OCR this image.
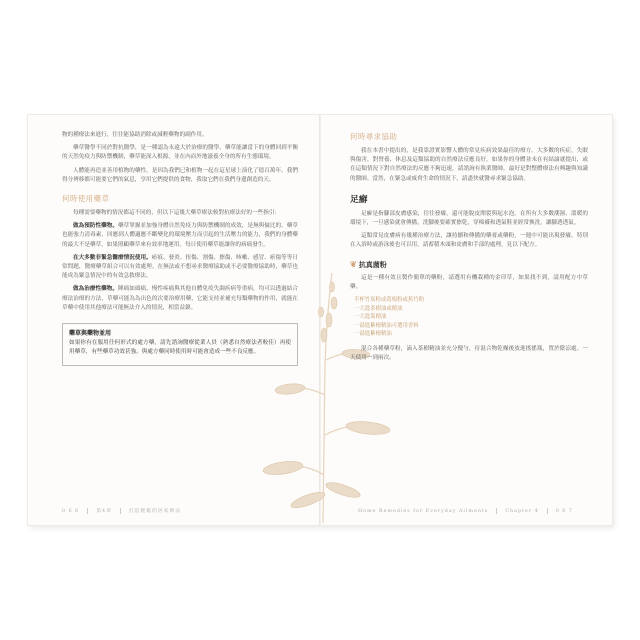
物的種療法來進行，往往能協助消除或減輕藥物的副作用。

藥草醫學不同於對抗醫學，是一種認為永遠大於治療的醫學，藥草能讓當下的身體回到平衡的天然免疫力與防禦機制，藥草能深入根源，並在內而外地滋養全身的所有生態環境。

人體能再造並善用植物的藥性，是因為我們已和植物一起在這星球上演化了億百萬年。我們得分辨移都可能要它們的氣息，享用它們提供的食物，我取它們在我們身邊創造的天。

何時使用藥草

每種需要藥物的情況都這不同的，但以下這幾大藥草療法較對抗療法好的一些指引：

做為預防性藥物。藥草掌握並加強身體自然免疫力與防禦機制的成效，是無與倫比的。藥草也能強力清毒素，回應到人體適應不斷變化的環境壓力而引起的生活壓力的能力，我們的身體藥的最大不是藥草，如果照顧藥草來有效率地運用。每日使用藥草能讓你的病痛發生。

在大多數非緊急醫療情況使用。瘀痕、發炎、扭傷、割傷、擦傷、咳嗽、感冒、瘀傷等等日常問題，醫療藥草組合可以有效處理。在無法或不想尋求醫療協助或不必要醫療協助時，藥草也能成為緊急情況中的有效急救療法。

做為治療性藥物。陣痛如頭痛、慢性疼痛與其他自體免疫失調疾病等重病，均可以透過結合療法治療的方法，草藥可能為為出色的次要治療用藥，它能支持並補充每類藥物的作用，就能在草藥中使用其他療法可能無法介入的情況，相當益鎮。

藥草與藥物並用

如果你有在服用任何形式的處方藥，請先諮詢醫療從業人員（熟悉自然療法者較佳）再使用藥草，有些藥草功效甚強，與處方藥同時使用時可能會造成一些不良反應。

0 6 6	第4章	打造輕鬆的居家療法
何時尋求協助

我在本書中提出的，是我靠證實影響人體的常見疾病效果最佳的療方。大多數的疾症，失眠與傷害，對營養、休息及這類協助的自然療法反應良好，如果你的身體並未在有結論就提出，或在這類情況下對自然療法的反應不夠迅速，請諮詢有執業醫師。最好是對整體療法有興趣與知識的醫師。當然，在緊急或威脅生命的情況下，請盡快就醫尋求緊急協助。

足癬

足癬是指腳部皮膚感染，往往發癢，還可能脫皮開裂與起水泡。在所有大多數潮濕、溫暖的環境下，一旦感染就會傳播，洗腳後要確實擦乾，穿棉襪和透氣鞋並經常換洗，讓腳透透氣。

這類常見皮膚病有幾種治療方法，讓持續和傳播的藥膏或藥粉，一週中可能出現發癢，特別在入浴時或游泳後也可以用，請蓄積木頭和皮膚和手部的處理，見以下配方。

❦ 抗真菌粉

這是一種有效且製作簡單的藥粉，請選用有機栽種的金印草，如果找不到，請用配方中草藥。

半杯竹炭粉或葛根粉或蕉竹粉
一大匙茶樹油或精油
一大匙菊精油
一湯匙紫檀精油可選用香料
一湯匙紫檀精油

混合各種藥草粉，滴入茶樹精油並充分攪勻，待混合物乾燥後放進搖搖瓶，置於陰涼處。一天使用一到兩次。

Home Remedies for Everyday Ailments	Chapter 4	0 6 7
